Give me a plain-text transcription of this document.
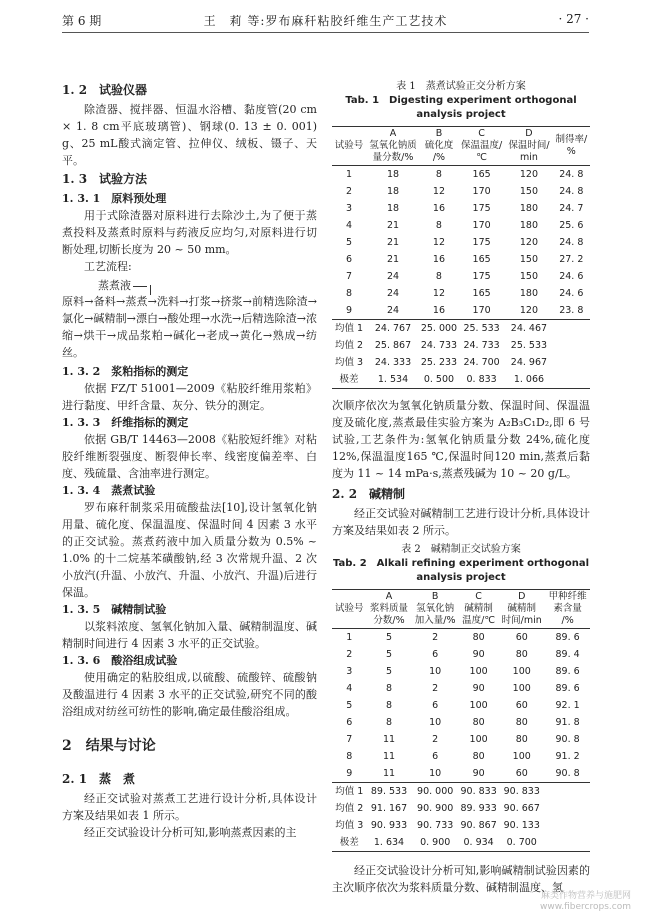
第 6 期	王　莉 等:罗布麻秆粘胶纤维生产工艺技术	· 27 ·
1. 2　试验仪器

除渣器、搅拌器、恒温水浴槽、黏度管(20 cm × 1. 8 cm平底玻璃管)、钢球(0. 13 ± 0. 001) g、25 mL酸式滴定管、拉伸仪、绒板、镊子、天平。

1. 3　试验方法
1. 3. 1　原料预处理

用于式除渣器对原料进行去除沙土,为了便于蒸煮投料及蒸煮时原料与药液反应均匀,对原料进行切断处理,切断长度为 20 ~ 50 mm。

工艺流程:

蒸煮液
原料→备料→蒸煮→洗料→打浆→挤浆→前精选除渣→氯化→碱精制→漂白→酸处理→水洗→后精选除渣→浓缩→烘干→成品浆粕→碱化→老成→黄化→熟成→纺丝。
1. 3. 2　浆粕指标的测定

依据 FZ/T 51001—2009《粘胶纤维用浆粕》进行黏度、甲纤含量、灰分、铁分的测定。

1. 3. 3　纤维指标的测定

依据 GB/T 14463—2008《粘胶短纤维》对粘胶纤维断裂强度、断裂伸长率、线密度偏差率、白度、残硫量、含油率进行测定。

1. 3. 4　蒸煮试验

罗布麻秆制浆采用硫酸盐法[10],设计氢氧化钠用量、硫化度、保温温度、保温时间 4 因素 3 水平的正交试验。蒸煮药液中加入质量分数为 0.5% ~ 1.0% 的十二烷基苯磺酸钠,经 3 次常规升温、2 次小放汽(升温、小放汽、升温、小放汽、升温)后进行保温。

1. 3. 5　碱精制试验

以浆料浓度、氢氧化钠加入量、碱精制温度、碱精制时间进行 4 因素 3 水平的正交试验。

1. 3. 6　酸浴组成试验

使用确定的粘胶组成,以硫酸、硫酸锌、硫酸钠及酸温进行 4 因素 3 水平的正交试验,研究不同的酸浴组成对纺丝可纺性的影响,确定最佳酸浴组成。

2　结果与讨论
2. 1　蒸　煮

经正交试验对蒸煮工艺进行设计分析,具体设计方案及结果如表 1 所示。

经正交试验设计分析可知,影响蒸煮因素的主

表 1　蒸煮试验正交分析方案
Tab. 1　Digesting experiment orthogonal
analysis project
试验号	A
氢氧化钠质
量分数/%	B
硫化度
/%	C
保温温度/
℃	D
保温时间/
min	制得率/
%
1	18	8	165	120	24. 8
2	18	12	170	150	24. 8
3	18	16	175	180	24. 7
4	21	8	170	180	25. 6
5	21	12	175	120	24. 8
6	21	16	165	150	27. 2
7	24	8	175	150	24. 6
8	24	12	165	180	24. 6
9	24	16	170	120	23. 8
均值 1	24. 767	25. 000	25. 533	24. 467	
均值 2	25. 867	24. 733	24. 733	25. 533	
均值 3	24. 333	25. 233	24. 700	24. 967	
极差	1. 534	0. 500	0. 833	1. 066	

次顺序依次为氢氧化钠质量分数、保温时间、保温温度及硫化度,蒸煮最佳实验方案为 A₂B₃C₁D₂,即 6 号试验,工艺条件为:氢氧化钠质量分数 24%,硫化度 12%,保温温度165 ℃,保温时间120 min,蒸煮后黏度为 11 ~ 14 mPa·s,蒸煮残碱为 10 ~ 20 g/L。

2. 2　碱精制

经正交试验对碱精制工艺进行设计分析,具体设计方案及结果如表 2 所示。

表 2　碱精制正交试验方案
Tab. 2　Alkali refining experiment orthogonal
analysis project
试验号	A
浆料质量
分数/%	B
氢氧化钠
加入量/%	C
碱精制
温度/℃	D
碱精制
时间/min	甲种纤维
素含量
/%
1	5	2	80	60	89. 6
2	5	6	90	80	89. 4
3	5	10	100	100	89. 6
4	8	2	90	100	89. 6
5	8	6	100	60	92. 1
6	8	10	80	80	91. 8
7	11	2	100	80	90. 8
8	11	6	80	100	91. 2
9	11	10	90	60	90. 8
均值 1	89. 533	90. 000	90. 833	90. 833	
均值 2	91. 167	90. 900	89. 933	90. 667	
均值 3	90. 933	90. 733	90. 867	90. 133	
极差	1. 634	0. 900	0. 934	0. 700	

经正交试验设计分析可知,影响碱精制试验因素的主次顺序依次为浆料质量分数、碱精制温度、氢

麻类作物营养与施肥网
www.fibercrops.com
